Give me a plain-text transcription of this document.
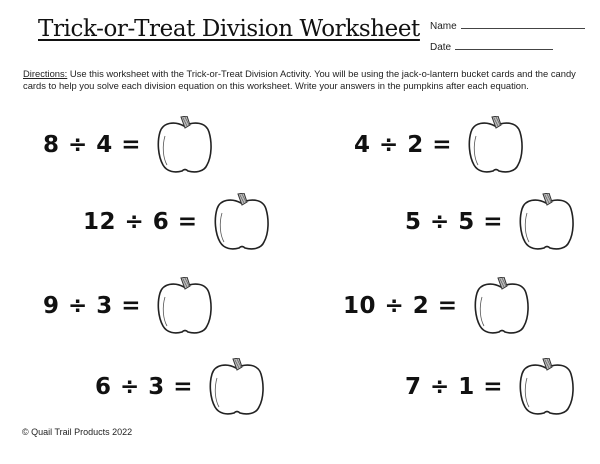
Trick-or-Treat Division Worksheet Name
Date
Directions: Use this worksheet with the Trick-or-Treat Division Activity. You will be using the jack-o-lantern bucket cards and the candy cards to help you solve each division equation on this worksheet. Write your answers in the pumpkins after each equation.
8 ÷ 4 =
12 ÷ 6 =
9 ÷ 3 =
6 ÷ 3 =
4 ÷ 2 =
5 ÷ 5 =
10 ÷ 2 =
7 ÷ 1 =
© Quail Trail Products 2022
